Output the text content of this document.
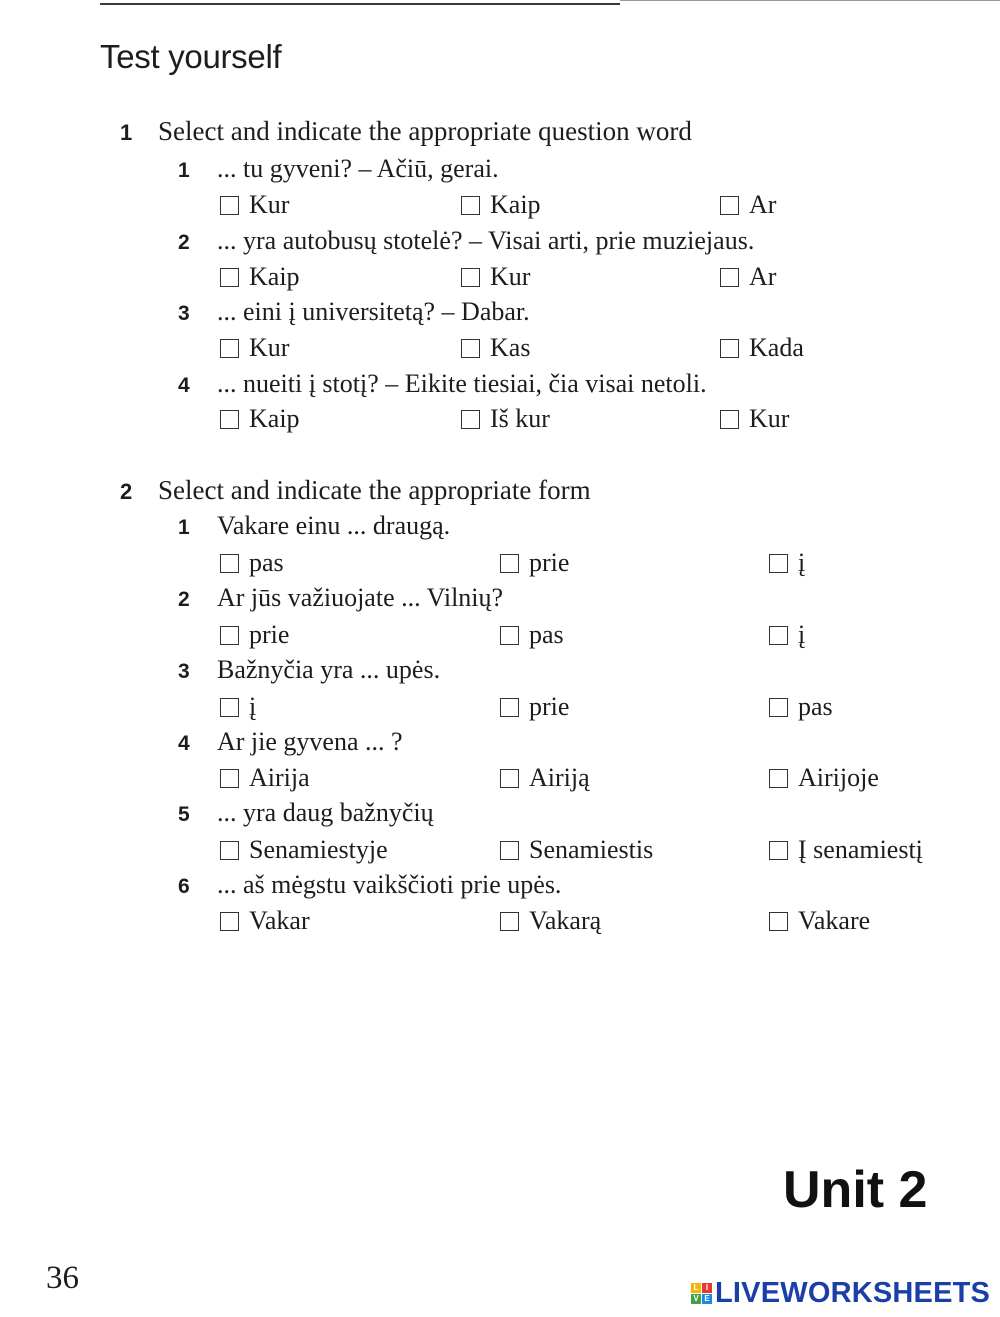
Test yourself
1 Select and indicate the appropriate question word
1 ... tu gyveni? – Ačiū, gerai.
Kur	Kaip	Ar
2 ... yra autobusų stotelė? – Visai arti, prie muziejaus.
Kaip	Kur	Ar
3 ... eini į universitetą? – Dabar.
Kur	Kas	Kada
4 ... nueiti į stotį? – Eikite tiesiai, čia visai netoli.
Kaip	Iš kur	Kur
2 Select and indicate the appropriate form
1 Vakare einu ... draugą.
pas	prie	į
2 Ar jūs važiuojate ... Vilnių?
prie	pas	į
3 Bažnyčia yra ... upės.
į	prie	pas
4 Ar jie gyvena ... ?
Airija	Airiją	Airijoje
5 ... yra daug bažnyčių
Senamiestyje	Senamiestis	Į senamiestį
6 ... aš mėgstu vaikščioti prie upės.
Vakar	Vakarą	Vakare
Unit 2
36	L I
V E LIVEWORKSHEETS
